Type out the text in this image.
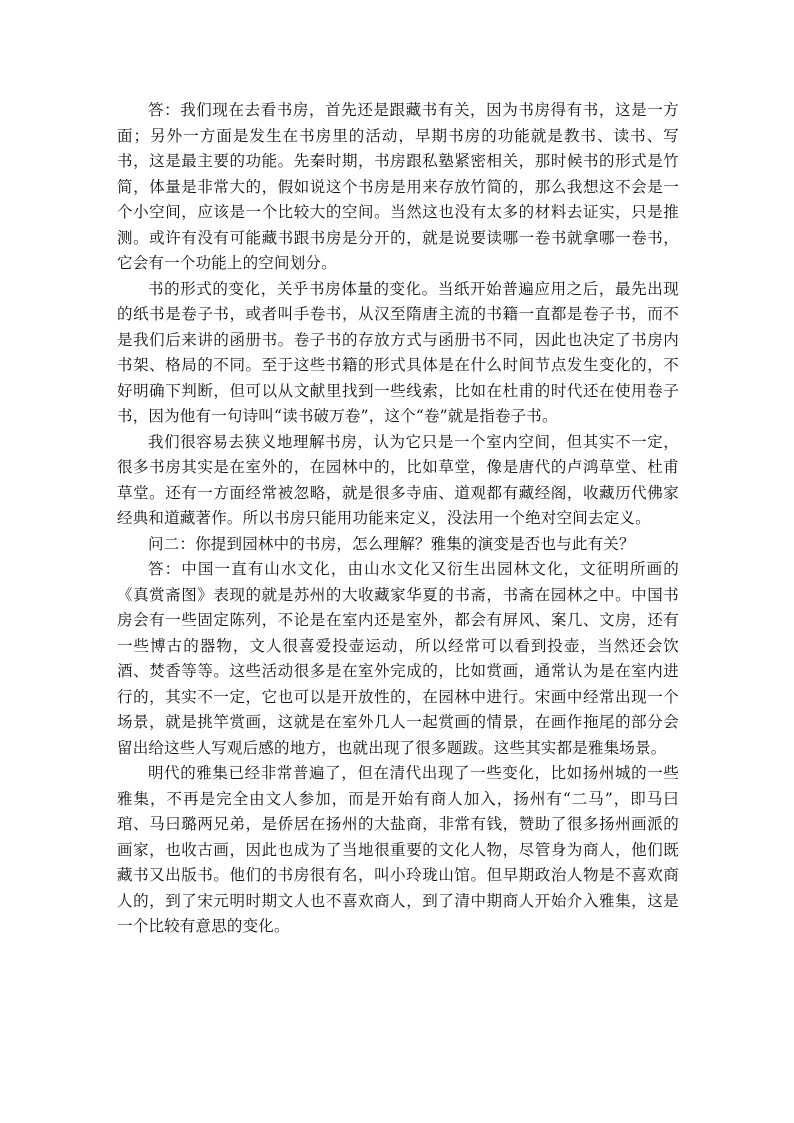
答：我们现在去看书房，首先还是跟藏书有关，因为书房得有书，这是一方面；另外一方面是发生在书房里的活动，早期书房的功能就是教书、读书、写书，这是最主要的功能。先秦时期，书房跟私塾紧密相关，那时候书的形式是竹简，体量是非常大的，假如说这个书房是用来存放竹简的，那么我想这不会是一个小空间，应该是一个比较大的空间。当然这也没有太多的材料去证实，只是推测。或许有没有可能藏书跟书房是分开的，就是说要读哪一卷书就拿哪一卷书，它会有一个功能上的空间划分。

书的形式的变化，关乎书房体量的变化。当纸开始普遍应用之后，最先出现的纸书是卷子书，或者叫手卷书，从汉至隋唐主流的书籍一直都是卷子书，而不是我们后来讲的函册书。卷子书的存放方式与函册书不同，因此也决定了书房内书架、格局的不同。至于这些书籍的形式具体是在什么时间节点发生变化的，不好明确下判断，但可以从文献里找到一些线索，比如在杜甫的时代还在使用卷子书，因为他有一句诗叫“读书破万卷”，这个“卷”就是指卷子书。

我们很容易去狭义地理解书房，认为它只是一个室内空间，但其实不一定，很多书房其实是在室外的，在园林中的，比如草堂，像是唐代的卢鸿草堂、杜甫草堂。还有一方面经常被忽略，就是很多寺庙、道观都有藏经阁，收藏历代佛家经典和道藏著作。所以书房只能用功能来定义，没法用一个绝对空间去定义。

问二：你提到园林中的书房，怎么理解？雅集的演变是否也与此有关？

答：中国一直有山水文化，由山水文化又衍生出园林文化，文征明所画的《真赏斋图》表现的就是苏州的大收藏家华夏的书斋，书斋在园林之中。中国书房会有一些固定陈列，不论是在室内还是室外，都会有屏风、案几、文房，还有一些博古的器物，文人很喜爱投壶运动，所以经常可以看到投壶，当然还会饮酒、焚香等等。这些活动很多是在室外完成的，比如赏画，通常认为是在室内进行的，其实不一定，它也可以是开放性的，在园林中进行。宋画中经常出现一个场景，就是挑竿赏画，这就是在室外几人一起赏画的情景，在画作拖尾的部分会留出给这些人写观后感的地方，也就出现了很多题跋。这些其实都是雅集场景。

明代的雅集已经非常普遍了，但在清代出现了一些变化，比如扬州城的一些雅集，不再是完全由文人参加，而是开始有商人加入，扬州有“二马”，即马曰琯、马曰璐两兄弟，是侨居在扬州的大盐商，非常有钱，赞助了很多扬州画派的画家，也收古画，因此也成为了当地很重要的文化人物，尽管身为商人，他们既藏书又出版书。他们的书房很有名，叫小玲珑山馆。但早期政治人物是不喜欢商人的，到了宋元明时期文人也不喜欢商人，到了清中期商人开始介入雅集，这是一个比较有意思的变化。
